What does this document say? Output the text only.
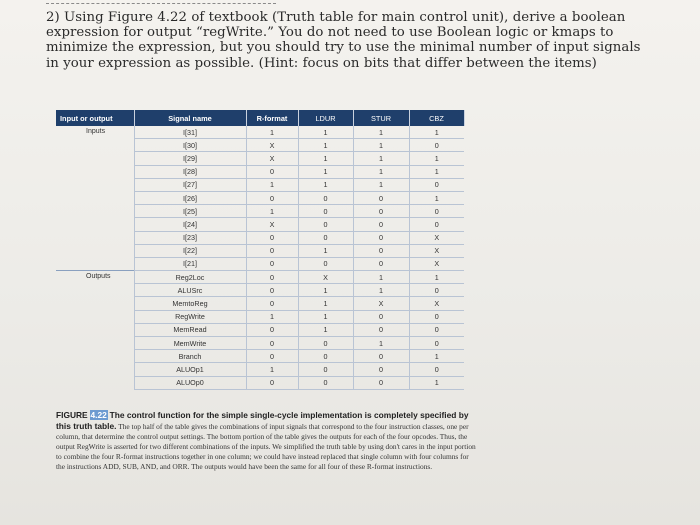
2) Using Figure 4.22 of textbook (Truth table for main control unit), derive a boolean expression for output “regWrite.” You do not need to use Boolean logic or kmaps to minimize the expression, but you should try to use the minimal number of input signals in your expression as possible. (Hint: focus on bits that differ between the items)
Input or output	Signal name	R-format	LDUR	STUR	CBZ
Inputs	I[31]	1	1	1	1
	I[30]	X	1	1	0
	I[29]	X	1	1	1
	I[28]	0	1	1	1
	I[27]	1	1	1	0
	I[26]	0	0	0	1
	I[25]	1	0	0	0
	I[24]	X	0	0	0
	I[23]	0	0	0	X
	I[22]	0	1	0	X
	I[21]	0	0	0	X
Outputs	Reg2Loc	0	X	1	1
	ALUSrc	0	1	1	0
	MemtoReg	0	1	X	X
	RegWrite	1	1	0	0
	MemRead	0	1	0	0
	MemWrite	0	0	1	0
	Branch	0	0	0	1
	ALUOp1	1	0	0	0
	ALUOp0	0	0	0	1
FIGURE 4.22 The control function for the simple single-cycle implementation is completely specified by this truth table. The top half of the table gives the combinations of input signals that correspond to the four instruction classes, one per column, that determine the control output settings. The bottom portion of the table gives the outputs for each of the four opcodes. Thus, the output RegWrite is asserted for two different combinations of the inputs. We simplified the truth table by using don't cares in the input portion to combine the four R-format instructions together in one column; we could have instead replaced that single column with four columns for the instructions ADD, SUB, AND, and ORR. The outputs would have been the same for all four of these R-format instructions.
